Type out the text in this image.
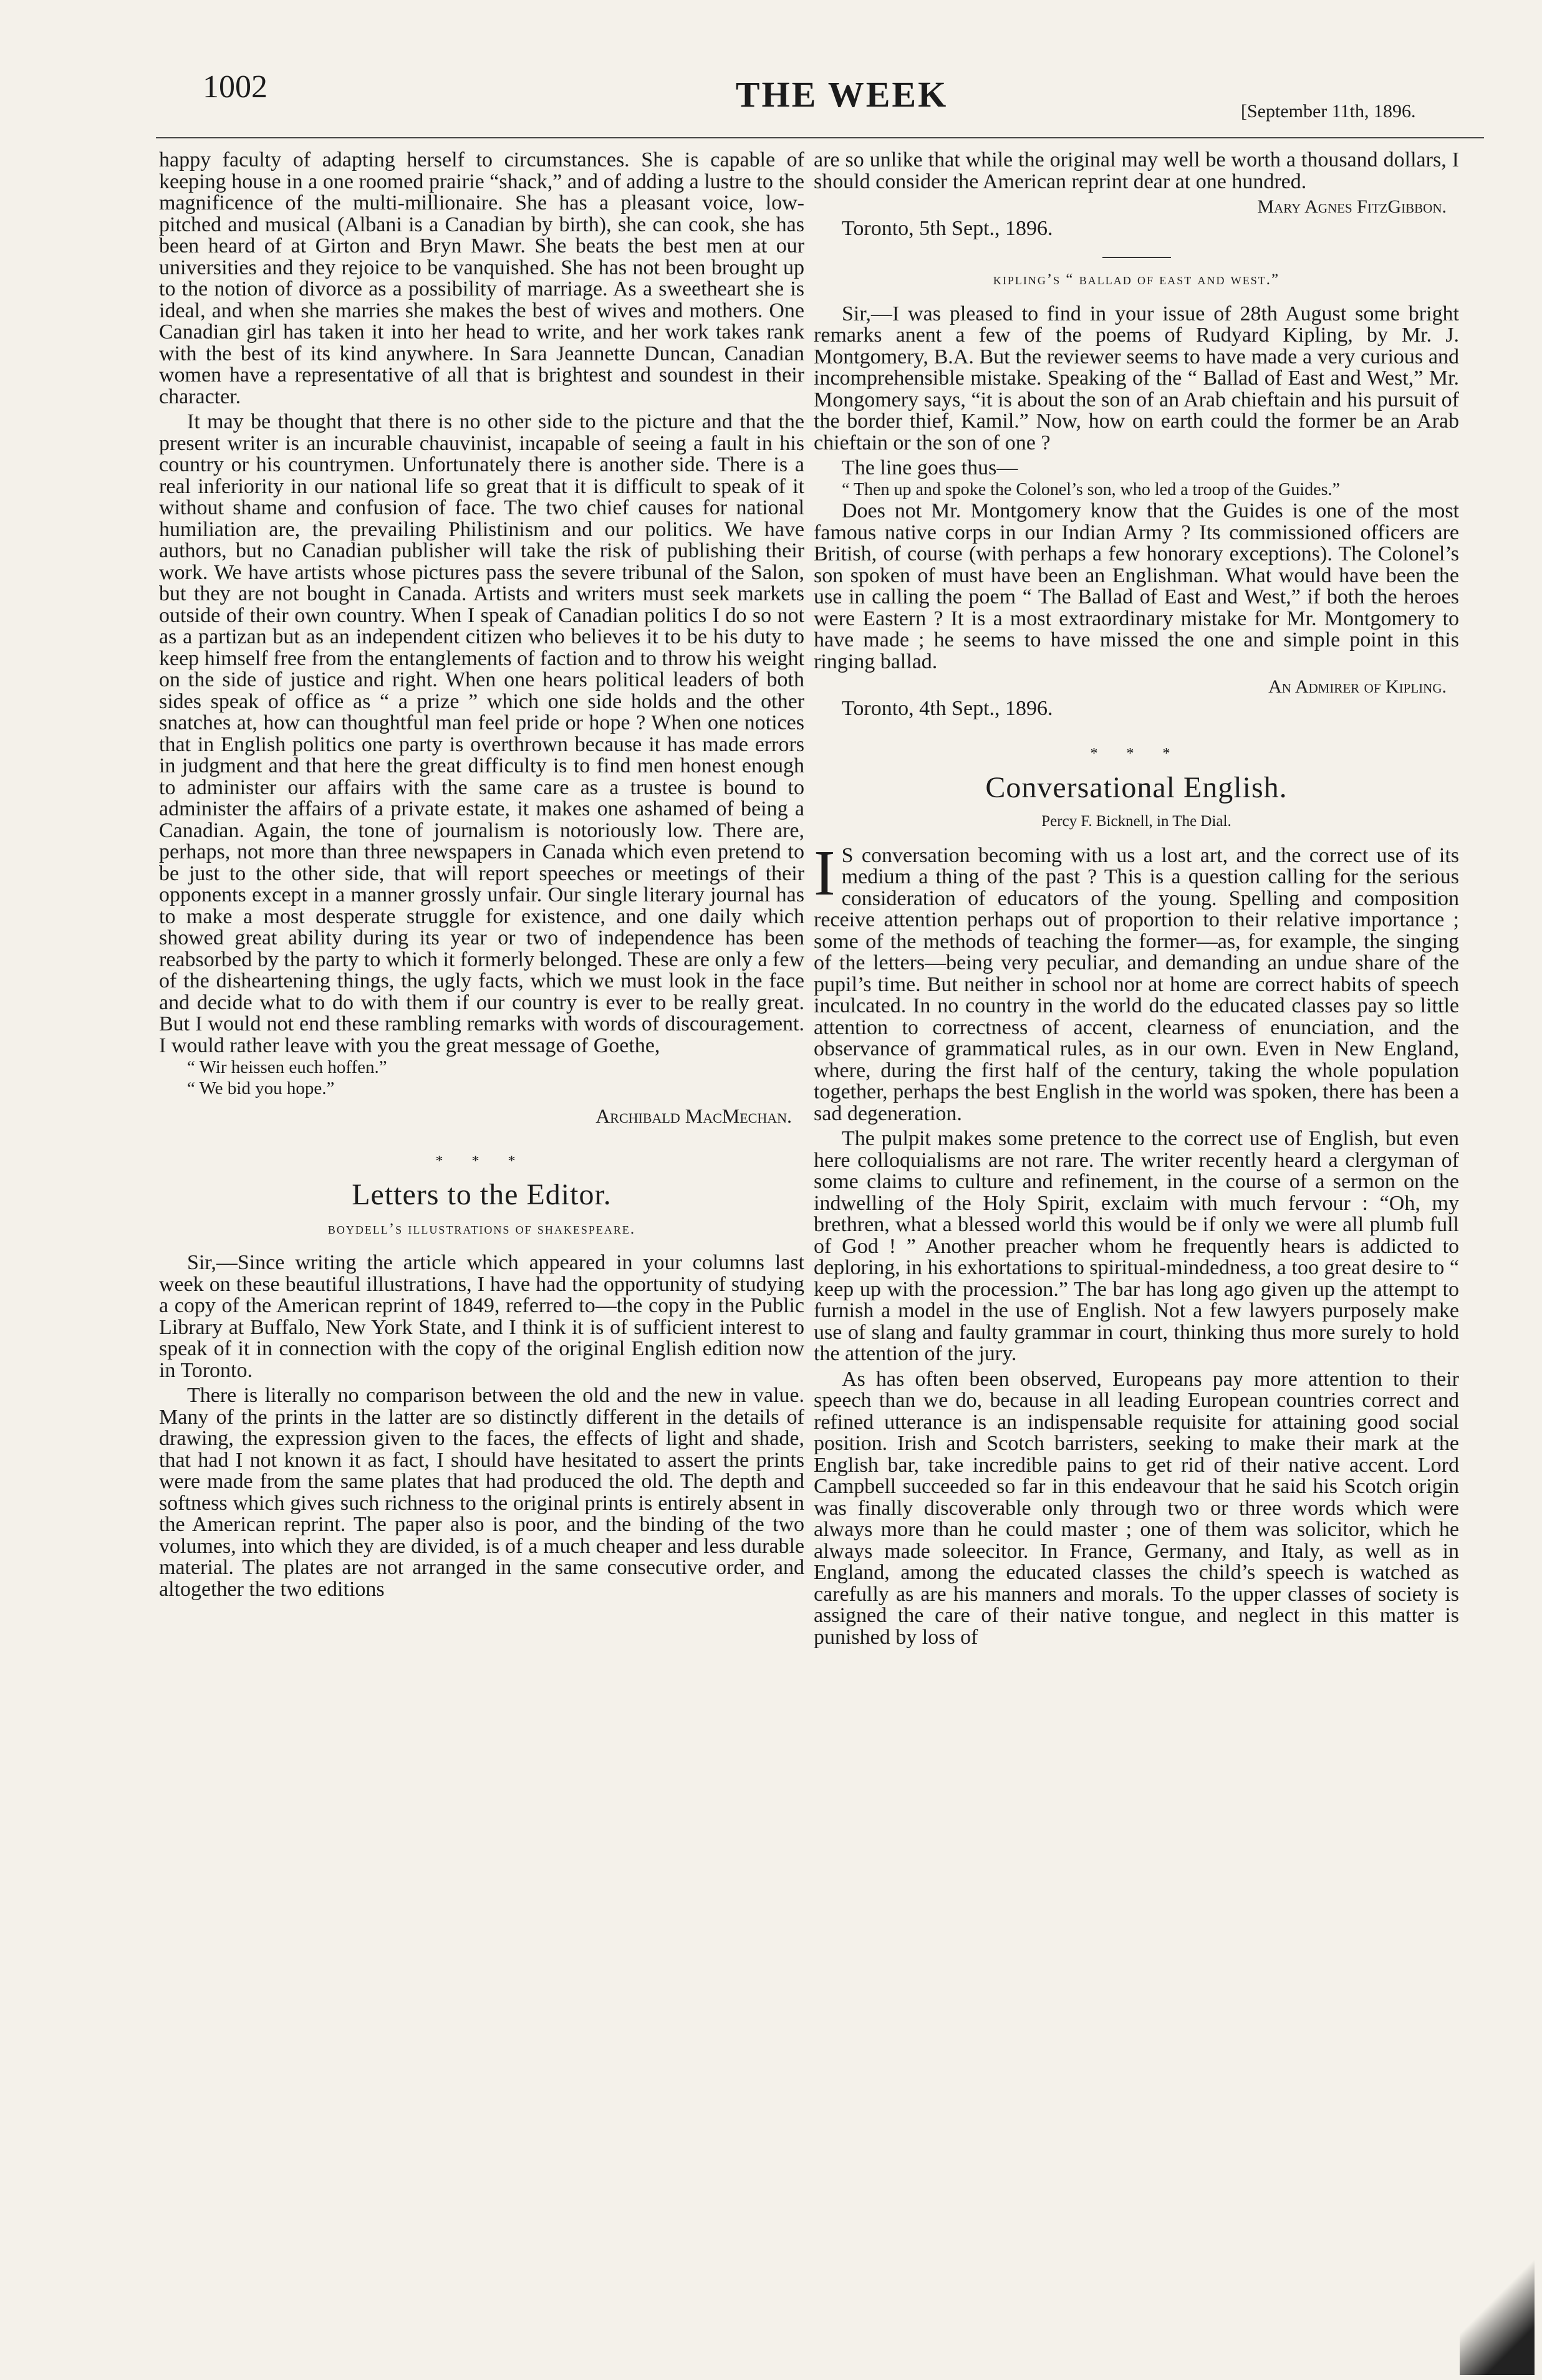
1002	THE WEEK	[September 11th, 1896.

happy faculty of adapting herself to circumstances. She is capable of keeping house in a one roomed prairie “shack,” and of adding a lustre to the magnificence of the multi-millionaire. She has a pleasant voice, low-pitched and musical (Albani is a Canadian by birth), she can cook, she has been heard of at Girton and Bryn Mawr. She beats the best men at our universities and they rejoice to be vanquished. She has not been brought up to the notion of divorce as a possibility of marriage. As a sweetheart she is ideal, and when she marries she makes the best of wives and mothers. One Canadian girl has taken it into her head to write, and her work takes rank with the best of its kind anywhere. In Sara Jeannette Duncan, Canadian women have a representative of all that is brightest and soundest in their character.

It may be thought that there is no other side to the picture and that the present writer is an incurable chauvinist, incapable of seeing a fault in his country or his countrymen. Unfortunately there is another side. There is a real inferiority in our national life so great that it is difficult to speak of it without shame and confusion of face. The two chief causes for national humiliation are, the prevailing Philistinism and our politics. We have authors, but no Canadian publisher will take the risk of publishing their work. We have artists whose pictures pass the severe tribunal of the Salon, but they are not bought in Canada. Artists and writers must seek markets outside of their own country. When I speak of Canadian politics I do so not as a partizan but as an independent citizen who believes it to be his duty to keep himself free from the entanglements of faction and to throw his weight on the side of justice and right. When one hears political leaders of both sides speak of office as “ a prize ” which one side holds and the other snatches at, how can thoughtful man feel pride or hope ? When one notices that in English politics one party is overthrown because it has made errors in judgment and that here the great difficulty is to find men honest enough to administer our affairs with the same care as a trustee is bound to administer the affairs of a private estate, it makes one ashamed of being a Canadian. Again, the tone of journalism is notoriously low. There are, perhaps, not more than three newspapers in Canada which even pretend to be just to the other side, that will report speeches or meetings of their opponents except in a manner grossly unfair. Our single literary journal has to make a most desperate struggle for existence, and one daily which showed great ability during its year or two of independence has been reabsorbed by the party to which it formerly belonged. These are only a few of the disheartening things, the ugly facts, which we must look in the face and decide what to do with them if our country is ever to be really great. But I would not end these rambling remarks with words of discouragement. I would rather leave with you the great message of Goethe,

“ Wir heissen euch hoffen.”

“ We bid you hope.”

Archibald MacMechan.
* * *
Letters to the Editor.
boydell’s illustrations of shakespeare.

Sir,—Since writing the article which appeared in your columns last week on these beautiful illustrations, I have had the opportunity of studying a copy of the American reprint of 1849, referred to—the copy in the Public Library at Buffalo, New York State, and I think it is of sufficient interest to speak of it in connection with the copy of the original English edition now in Toronto.

There is literally no comparison between the old and the new in value. Many of the prints in the latter are so distinctly different in the details of drawing, the expression given to the faces, the effects of light and shade, that had I not known it as fact, I should have hesitated to assert the prints were made from the same plates that had produced the old. The depth and softness which gives such richness to the original prints is entirely absent in the American reprint. The paper also is poor, and the binding of the two volumes, into which they are divided, is of a much cheaper and less durable material. The plates are not arranged in the same consecutive order, and altogether the two editions

are so unlike that while the original may well be worth a thousand dollars, I should consider the American reprint dear at one hundred.

Mary Agnes FitzGibbon.

Toronto, 5th Sept., 1896.

kipling’s “ ballad of east and west.”

Sir,—I was pleased to find in your issue of 28th August some bright remarks anent a few of the poems of Rudyard Kipling, by Mr. J. Montgomery, B.A. But the reviewer seems to have made a very curious and incomprehensible mistake. Speaking of the “ Ballad of East and West,” Mr. Mongomery says, “it is about the son of an Arab chieftain and his pursuit of the border thief, Kamil.” Now, how on earth could the former be an Arab chieftain or the son of one ?

The line goes thus—

“ Then up and spoke the Colonel’s son, who led a troop of the Guides.”

Does not Mr. Montgomery know that the Guides is one of the most famous native corps in our Indian Army ? Its commissioned officers are British, of course (with perhaps a few honorary exceptions). The Colonel’s son spoken of must have been an Englishman. What would have been the use in calling the poem “ The Ballad of East and West,” if both the heroes were Eastern ? It is a most extraordinary mistake for Mr. Montgomery to have made ; he seems to have missed the one and simple point in this ringing ballad.

An Admirer of Kipling.

Toronto, 4th Sept., 1896.

* * *
Conversational English.
Percy F. Bicknell, in The Dial.

I S conversation becoming with us a lost art, and the correct use of its medium a thing of the past ? This is a question calling for the serious consideration of educators of the young. Spelling and composition receive attention perhaps out of proportion to their relative importance ; some of the methods of teaching the former—as, for example, the singing of the letters—being very peculiar, and demanding an undue share of the pupil’s time. But neither in school nor at home are correct habits of speech inculcated. In no country in the world do the educated classes pay so little attention to correctness of accent, clearness of enunciation, and the observance of grammatical rules, as in our own. Even in New England, where, during the first half of the century, taking the whole population together, perhaps the best English in the world was spoken, there has been a sad degeneration.

The pulpit makes some pretence to the correct use of English, but even here colloquialisms are not rare. The writer recently heard a clergyman of some claims to culture and refinement, in the course of a sermon on the indwelling of the Holy Spirit, exclaim with much fervour : “Oh, my brethren, what a blessed world this would be if only we were all plumb full of God ! ” Another preacher whom he frequently hears is addicted to deploring, in his exhortations to spiritual-mindedness, a too great desire to “ keep up with the procession.” The bar has long ago given up the attempt to furnish a model in the use of English. Not a few lawyers purposely make use of slang and faulty grammar in court, thinking thus more surely to hold the attention of the jury.

As has often been observed, Europeans pay more attention to their speech than we do, because in all leading European countries correct and refined utterance is an indispensable requisite for attaining good social position. Irish and Scotch barristers, seeking to make their mark at the English bar, take incredible pains to get rid of their native accent. Lord Campbell succeeded so far in this endeavour that he said his Scotch origin was finally discoverable only through two or three words which were always more than he could master ; one of them was solicitor, which he always made soleecitor. In France, Germany, and Italy, as well as in England, among the educated classes the child’s speech is watched as carefully as are his manners and morals. To the upper classes of society is assigned the care of their native tongue, and neglect in this matter is punished by loss of
